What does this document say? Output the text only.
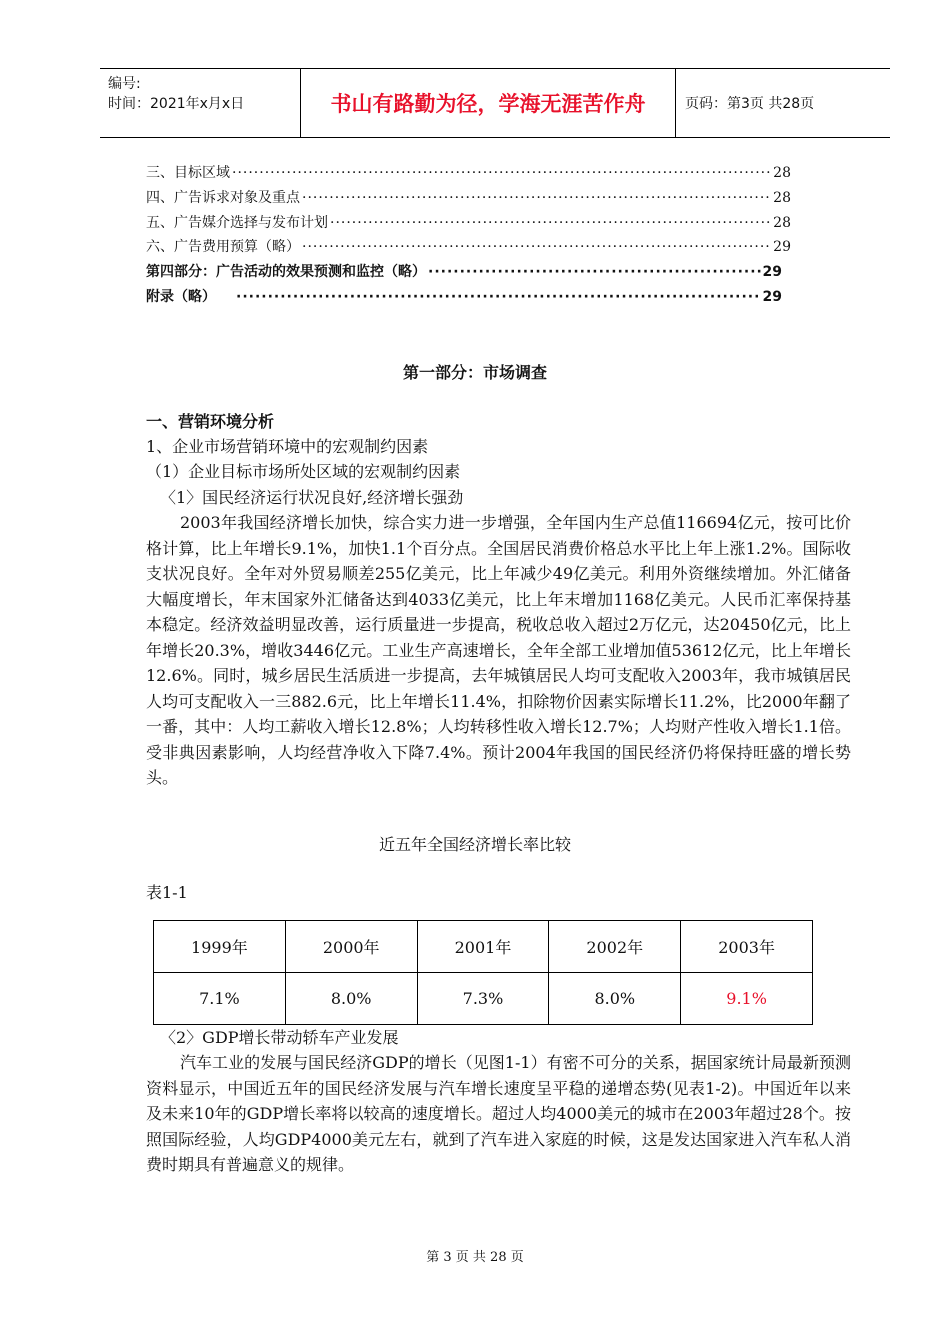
编号:
时间：2021年x月x日	书山有路勤为径，学海无涯苦作舟	页码：第3页 共28页
三、目标区域 ·····	28
四、广告诉求对象及重点 ·····	28
五、广告媒介选择与发布计划 ·····	28
六、广告费用预算（略） ·····	29
第四部分：广告活动的效果预测和监控（略） ·····	29
附录（略） ·····	29
第一部分：市场调查
一、营销环境分析
1、企业市场营销环境中的宏观制约因素
（1）企业目标市场所处区域的宏观制约因素
〈1〉国民经济运行状况良好,经济增长强劲
2003年我国经济增长加快，综合实力进一步增强，全年国内生产总值116694亿元，按可比价格计算，比上年增长9.1%，加快1.1个百分点。全国居民消费价格总水平比上年上涨1.2%。国际收支状况良好。全年对外贸易顺差255亿美元，比上年减少49亿美元。利用外资继续增加。外汇储备大幅度增长，年末国家外汇储备达到4033亿美元，比上年末增加1168亿美元。人民币汇率保持基本稳定。经济效益明显改善，运行质量进一步提高，税收总收入超过2万亿元，达20450亿元，比上年增长20.3%，增收3446亿元。工业生产高速增长，全年全部工业增加值53612亿元，比上年增长12.6%。同时，城乡居民生活质进一步提高，去年城镇居民人均可支配收入2003年，我市城镇居民人均可支配收入一三882.6元，比上年增长11.4%，扣除物价因素实际增长11.2%，比2000年翻了一番，其中：人均工薪收入增长12.8%；人均转移性收入增长12.7%；人均财产性收入增长1.1倍。受非典因素影响，人均经营净收入下降7.4%。预计2004年我国的国民经济仍将保持旺盛的增长势头。
近五年全国经济增长率比较
表1-1
1999年	2000年	2001年	2002年	2003年
7.1%	8.0%	7.3%	8.0%	9.1%
〈2〉GDP增长带动轿车产业发展
汽车工业的发展与国民经济GDP的增长（见图1-1）有密不可分的关系，据国家统计局最新预测资料显示，中国近五年的国民经济发展与汽车增长速度呈平稳的递增态势(见表1-2)。中国近年以来及未来10年的GDP增长率将以较高的速度增长。超过人均4000美元的城市在2003年超过28个。按照国际经验，人均GDP4000美元左右，就到了汽车进入家庭的时候，这是发达国家进入汽车私人消费时期具有普遍意义的规律。
第 3 页 共 28 页
